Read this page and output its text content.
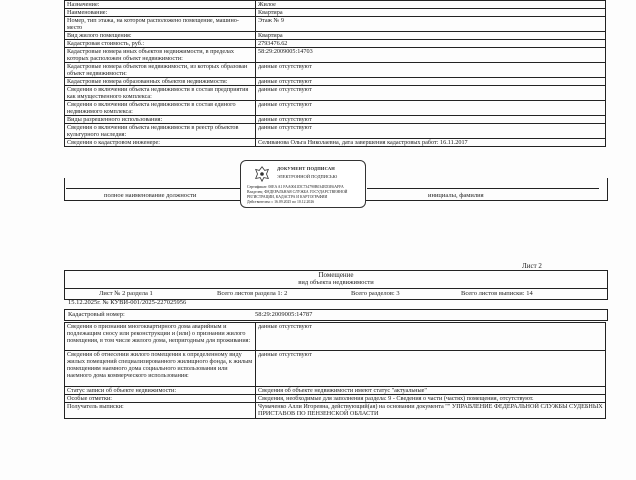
Назначение:	Жилое
Наименование:	Квартира
Номер, тип этажа, на котором расположено помещение, машино-место	Этаж № 9
Вид жилого помещения:	Квартира
Кадастровая стоимость, руб.:	2793476.62
Кадастровые номера иных объектов недвижимости, в пределах которых расположен объект недвижимости:	58:29:2009005:14703
Кадастровые номера объектов недвижимости, из которых образован объект недвижимости:	данные отсутствуют
Кадастровые номера образованных объектов недвижимости:	данные отсутствуют
Сведения о включении объекта недвижимости в состав предприятия как имущественного комплекса:	данные отсутствуют
Сведения о включении объекта недвижимости в состав единого недвижимого комплекса:	данные отсутствуют
Виды разрешенного использования:	данные отсутствуют
Сведения о включении объекта недвижимости в реестр объектов культурного наследия:	данные отсутствуют
Сведения о кадастровом инженере:	Селиванова Ольга Николаевна, дата завершения кадастровых работ: 16.11.2017
полное наименование должности	инициалы, фамилия
ДОКУМЕНТ ПОДПИСАН
ЭЛЕКТРОННОЙ ПОДПИСЬЮ
Сертификат: 00EA A1 FAA0041DC734790B034ED3E6AFFA
Владелец: ФЕДЕРАЛЬНАЯ СЛУЖБА ГОСУДАРСТВЕННОЙ
РЕГИСТРАЦИИ, КАДАСТРА И КАРТОГРАФИИ
Действителен: с 16.09.2025 по 10.12.2026
Лист 2
Помещение
вид объекта недвижимости
Лист № 2 раздела 1	Всего листов раздела 1: 2	Всего разделов: 3	Всего листов выписки: 14
15.12.2025г. № КУВИ-001/2025-227025956
Кадастровый номер:	58:29:2009005:14787
Сведения о признании многоквартирного дома аварийным и подлежащим сносу или реконструкции и (или) о признании жилого помещения, в том числе жилого дома, непригодным для проживания:	данные отсутствуют
Сведения об отнесении жилого помещения к определенному виду жилых помещений специализированного жилищного фонда, к жилым помещениям наемного дома социального использования или наемного дома коммерческого использования:	данные отсутствуют
Статус записи об объекте недвижимости:	Сведения об объекте недвижимости имеют статус "актуальные"
Особые отметки:	Сведения, необходимые для заполнения раздела: 9 - Сведения о части (частях) помещения, отсутствуют.
Получатель выписки:	Чумаченко Алли Игоревна, действующий(ая) на основании документа "" УПРАВЛЕНИЕ ФЕДЕРАЛЬНОЙ СЛУЖБЫ СУДЕБНЫХ ПРИСТАВОВ ПО ПЕНЗЕНСКОЙ ОБЛАСТИ
